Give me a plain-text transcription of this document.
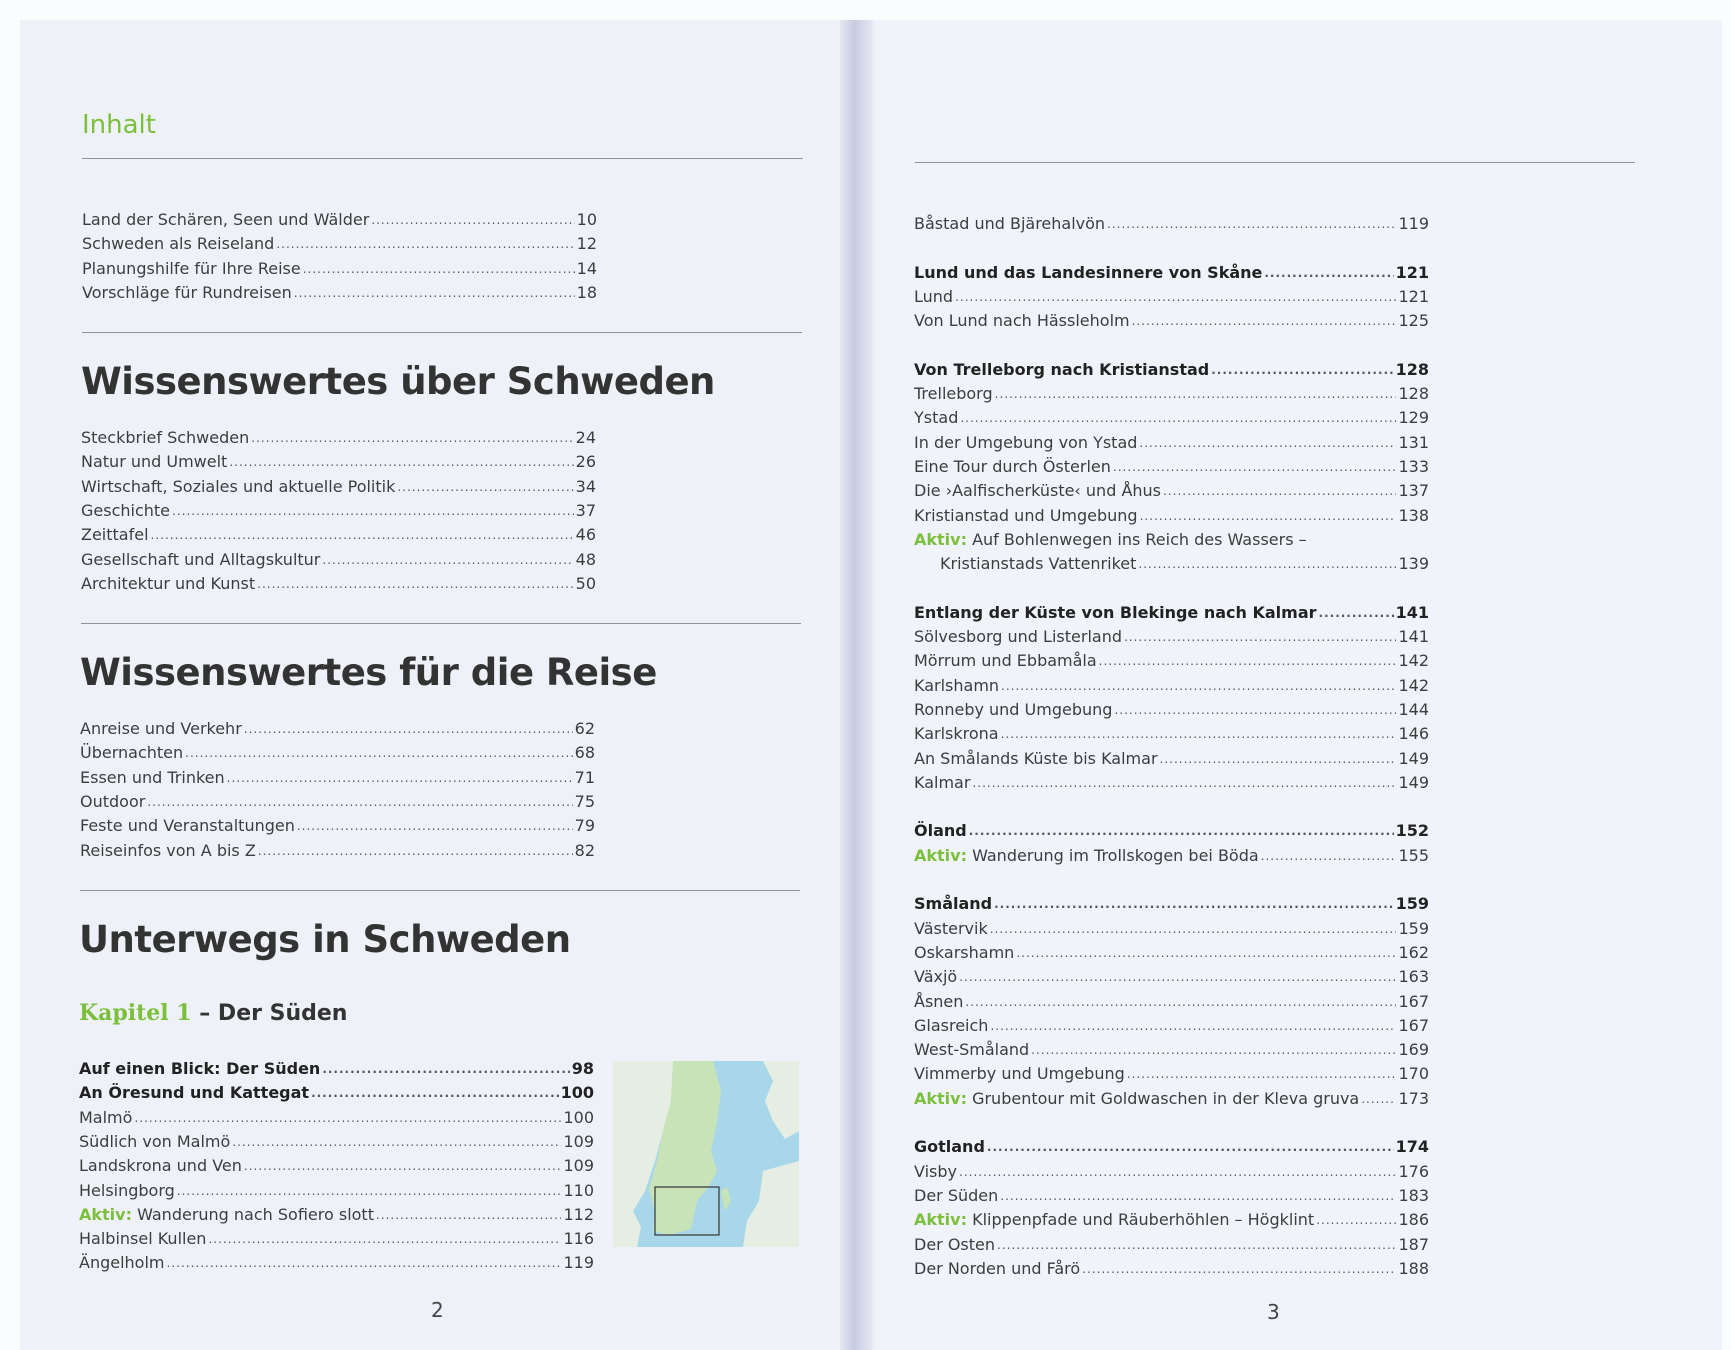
Inhalt
Land der Schären, Seen und Wälder .....	10
Schweden als Reiseland .....	12
Planungshilfe für Ihre Reise .....	14
Vorschläge für Rundreisen .....	18
Wissenswertes über Schweden
Steckbrief Schweden .....	24
Natur und Umwelt .....	26
Wirtschaft, Soziales und aktuelle Politik .....	34
Geschichte .....	37
Zeittafel .....	46
Gesellschaft und Alltagskultur .....	48
Architektur und Kunst .....	50
Wissenswertes für die Reise
Anreise und Verkehr .....	62
Übernachten .....	68
Essen und Trinken .....	71
Outdoor .....	75
Feste und Veranstaltungen .....	79
Reiseinfos von A bis Z .....	82
Unterwegs in Schweden
Kapitel 1 – Der Süden
Auf einen Blick: Der Süden .....	98
An Öresund und Kattegat .....	100
Malmö .....	100
Südlich von Malmö .....	109
Landskrona und Ven .....	109
Helsingborg .....	110
Aktiv: Wanderung nach Sofiero slott .....	112
Halbinsel Kullen .....	116
Ängelholm .....	119
2
Båstad und Bjärehalvön .....	119
Lund und das Landesinnere von Skåne .....	121
Lund .....	121
Von Lund nach Hässleholm .....	125
Von Trelleborg nach Kristianstad .....	128
Trelleborg .....	128
Ystad .....	129
In der Umgebung von Ystad .....	131
Eine Tour durch Österlen .....	133
Die ›Aalfischerküste‹ und Åhus .....	137
Kristianstad und Umgebung .....	138
Aktiv: Auf Bohlenwegen ins Reich des Wassers –
Kristianstads Vattenriket .....	139
Entlang der Küste von Blekinge nach Kalmar .....	141
Sölvesborg und Listerland .....	141
Mörrum und Ebbamåla .....	142
Karlshamn .....	142
Ronneby und Umgebung .....	144
Karlskrona .....	146
An Smålands Küste bis Kalmar .....	149
Kalmar .....	149
Öland .....	152
Aktiv: Wanderung im Trollskogen bei Böda .....	155
Småland .....	159
Västervik .....	159
Oskarshamn .....	162
Växjö .....	163
Åsnen .....	167
Glasreich .....	167
West-Småland .....	169
Vimmerby und Umgebung .....	170
Aktiv: Grubentour mit Goldwaschen in der Kleva gruva ..... 173
Gotland .....	174
Visby .....	176
Der Süden .....	183
Aktiv: Klippenpfade und Räuberhöhlen – Högklint .....	186
Der Osten .....	187
Der Norden und Fårö .....	188
3
